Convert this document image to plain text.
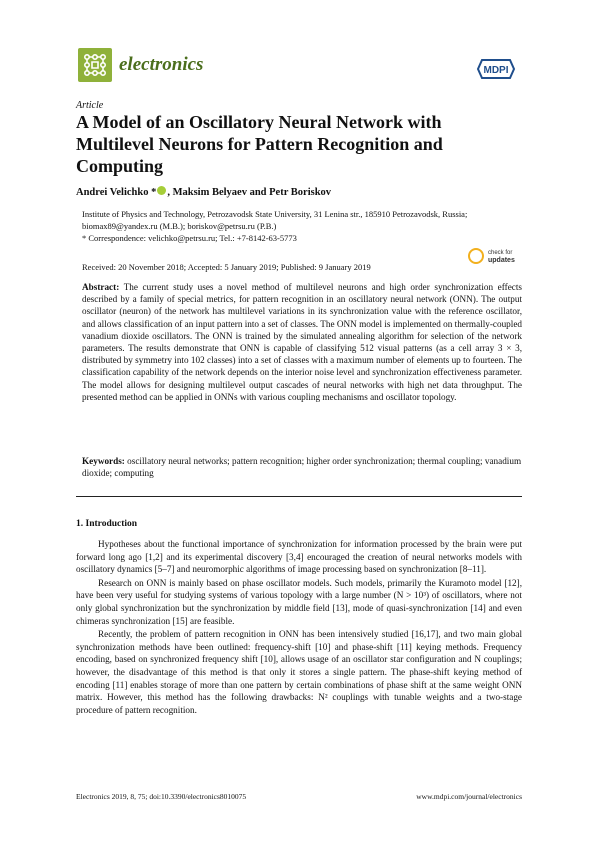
electronics	MDPI
Article
A Model of an Oscillatory Neural Network with Multilevel Neurons for Pattern Recognition and Computing
Andrei Velichko * , Maksim Belyaev and Petr Boriskov
Institute of Physics and Technology, Petrozavodsk State University, 31 Lenina str., 185910 Petrozavodsk, Russia;
biomax89@yandex.ru (M.B.); boriskov@petrsu.ru (P.B.)
* Correspondence: velichko@petrsu.ru; Tel.: +7-8142-63-5773
Received: 20 November 2018; Accepted: 5 January 2019; Published: 9 January 2019
check for
updates
Abstract: The current study uses a novel method of multilevel neurons and high order synchronization effects described by a family of special metrics, for pattern recognition in an oscillatory neural network (ONN). The output oscillator (neuron) of the network has multilevel variations in its synchronization value with the reference oscillator, and allows classification of an input pattern into a set of classes. The ONN model is implemented on thermally-coupled vanadium dioxide oscillators. The ONN is trained by the simulated annealing algorithm for selection of the network parameters. The results demonstrate that ONN is capable of classifying 512 visual patterns (as a cell array 3 × 3, distributed by symmetry into 102 classes) into a set of classes with a maximum number of elements up to fourteen. The classification capability of the network depends on the interior noise level and synchronization effectiveness parameter. The model allows for designing multilevel output cascades of neural networks with high net data throughput. The presented method can be applied in ONNs with various coupling mechanisms and oscillator topology.
Keywords: oscillatory neural networks; pattern recognition; higher order synchronization; thermal coupling; vanadium dioxide; computing
1. Introduction

Hypotheses about the functional importance of synchronization for information processed by the brain were put forward long ago [1,2] and its experimental discovery [3,4] encouraged the creation of neural networks models with oscillatory dynamics [5–7] and neuromorphic algorithms of image processing based on synchronization [8–11].

Research on ONN is mainly based on phase oscillator models. Such models, primarily the Kuramoto model [12], have been very useful for studying systems of various topology with a large number (N > 10³) of oscillators, where not only global synchronization but the synchronization by middle field [13], mode of quasi-synchronization [14] and even chimeras synchronization [15] are feasible.

Recently, the problem of pattern recognition in ONN has been intensively studied [16,17], and two main global synchronization methods have been outlined: frequency-shift [10] and phase-shift [11] keying methods. Frequency encoding, based on synchronized frequency shift [10], allows usage of an oscillator star configuration and N couplings; however, the disadvantage of this method is that only it stores a single pattern. The phase-shift keying method of encoding [11] enables storage of more than one pattern by certain combinations of phase shift at the same weight ONN matrix. However, this method has the following drawbacks: N² couplings with tunable weights and a two-stage procedure of pattern recognition.

Electronics 2019, 8, 75; doi:10.3390/electronics8010075	www.mdpi.com/journal/electronics
